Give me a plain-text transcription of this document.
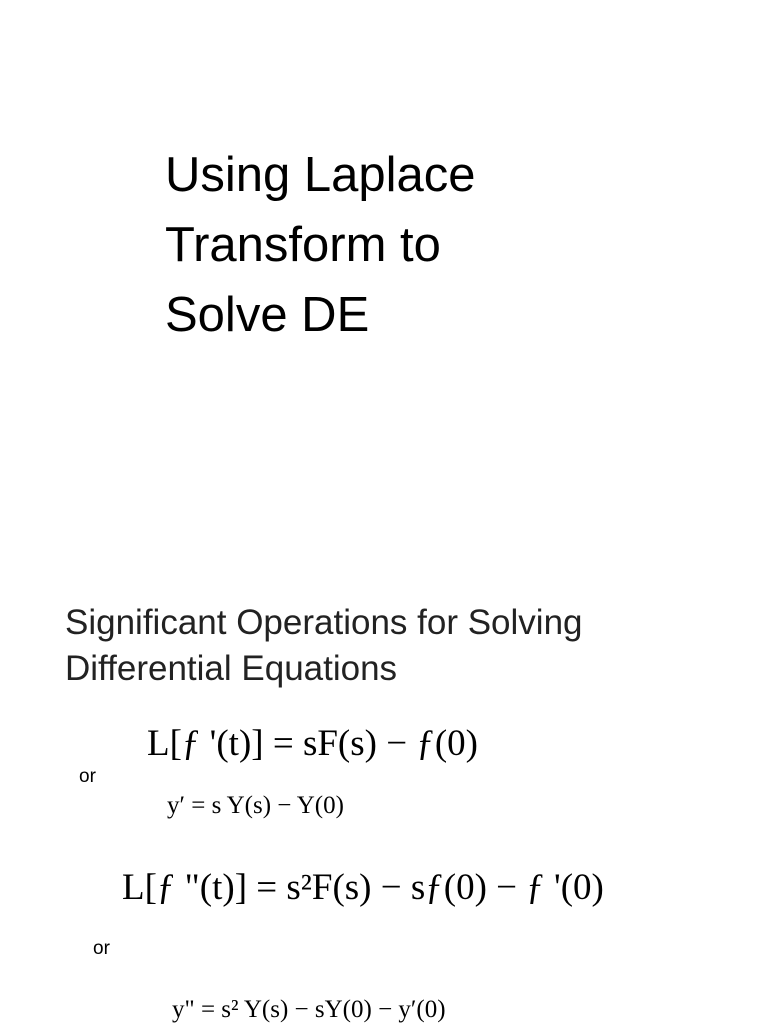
Using Laplace
Transform to
Solve DE
Significant Operations for Solving Differential Equations
L[ƒ '(t)] = sF(s) − ƒ(0)
or
y′ = s Y(s) − Y(0)
L[ƒ "(t)] = s²F(s) − sƒ(0) − ƒ '(0)
or
y" = s² Y(s) − sY(0) − y′(0)
